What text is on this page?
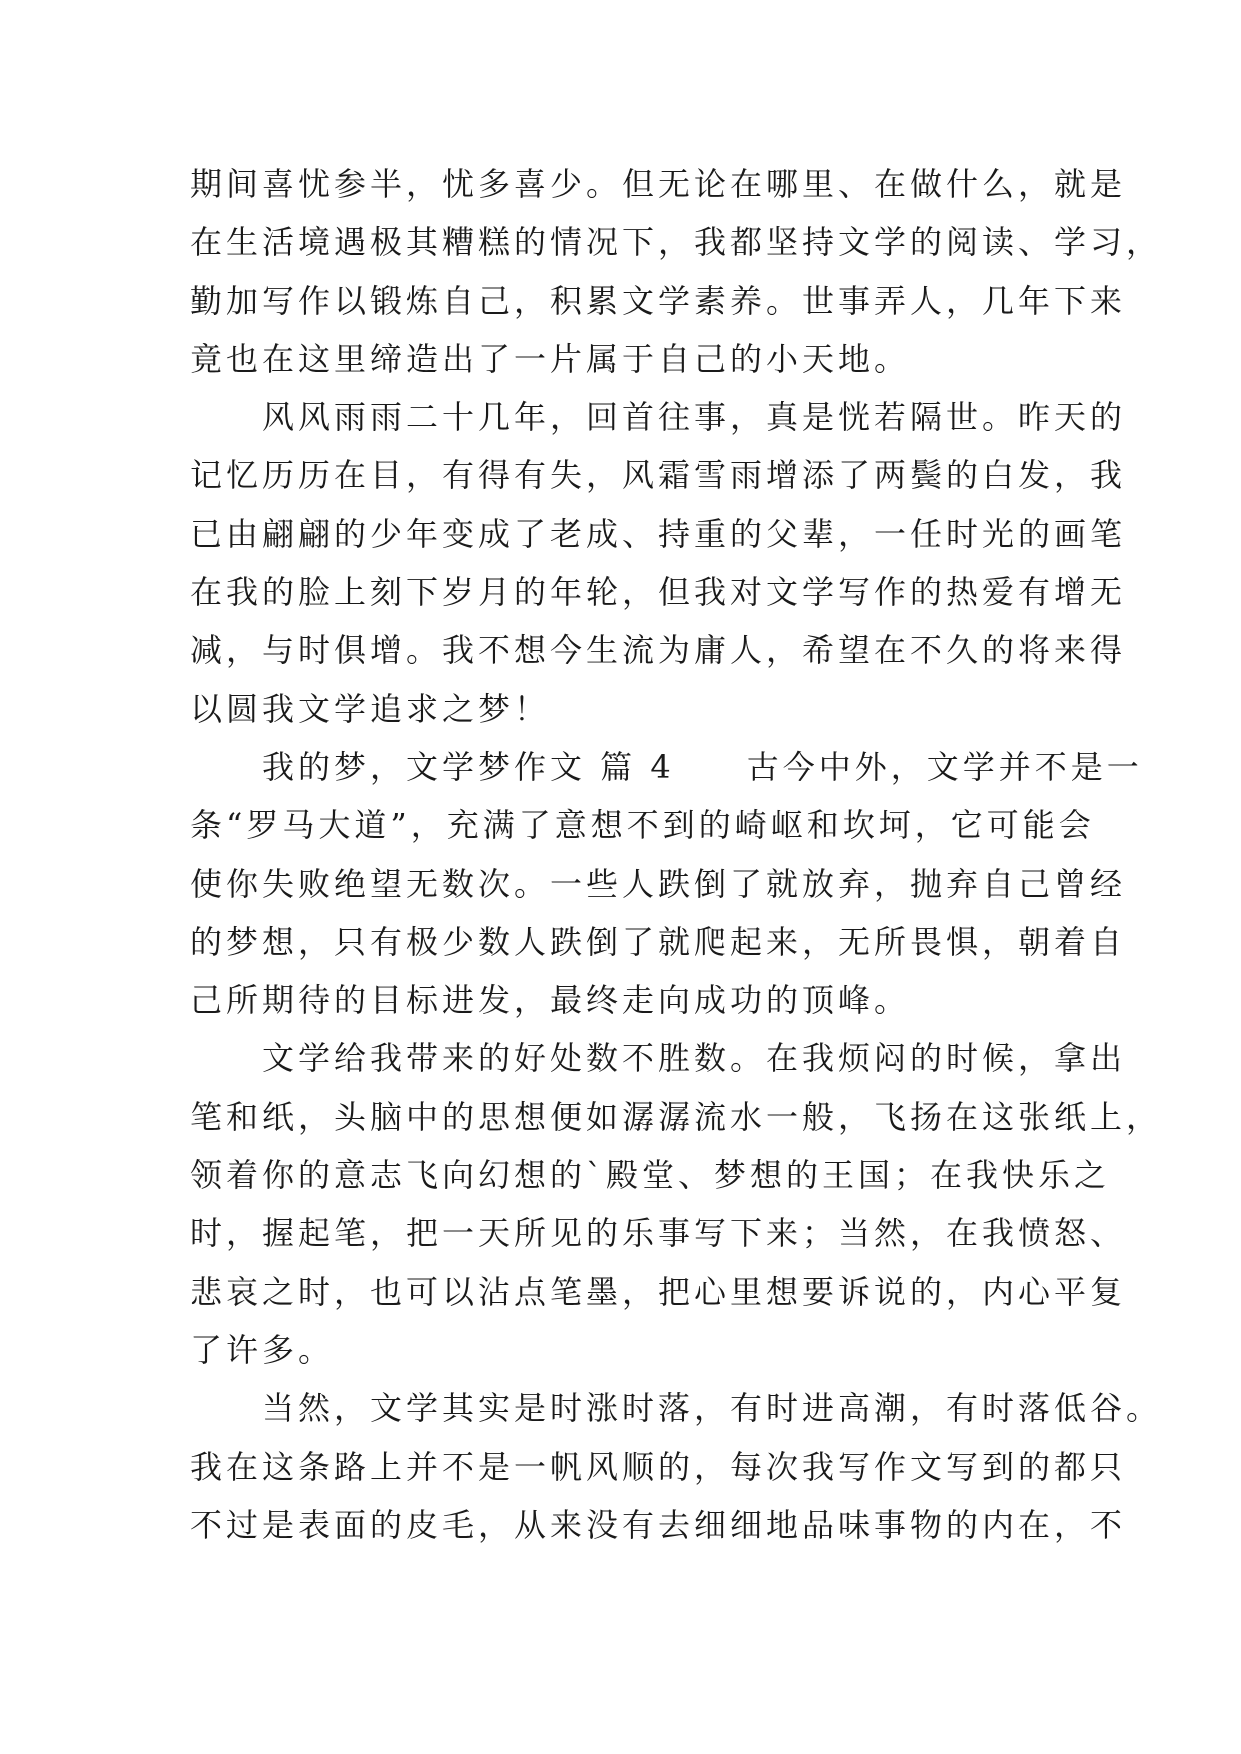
期间喜忧参半，忧多喜少。但无论在哪里、在做什么，就是
在生活境遇极其糟糕的情况下，我都坚持文学的阅读、学习，
勤加写作以锻炼自己，积累文学素养。世事弄人，几年下来
竟也在这里缔造出了一片属于自己的小天地。
　　风风雨雨二十几年，回首往事，真是恍若隔世。昨天的
记忆历历在目，有得有失，风霜雪雨增添了两鬓的白发，我
已由翩翩的少年变成了老成、持重的父辈，一任时光的画笔
在我的脸上刻下岁月的年轮，但我对文学写作的热爱有增无
减，与时俱增。我不想今生流为庸人，希望在不久的将来得
以圆我文学追求之梦！
　　我的梦，文学梦作文 篇 4　　古今中外，文学并不是一
条“罗马大道”，充满了意想不到的崎岖和坎坷，它可能会
使你失败绝望无数次。一些人跌倒了就放弃，抛弃自己曾经
的梦想，只有极少数人跌倒了就爬起来，无所畏惧，朝着自
己所期待的目标进发，最终走向成功的顶峰。
　　文学给我带来的好处数不胜数。在我烦闷的时候，拿出
笔和纸，头脑中的思想便如潺潺流水一般，飞扬在这张纸上，
领着你的意志飞向幻想的`殿堂、梦想的王国；在我快乐之
时，握起笔，把一天所见的乐事写下来；当然，在我愤怒、
悲哀之时，也可以沾点笔墨，把心里想要诉说的，内心平复
了许多。
　　当然，文学其实是时涨时落，有时进高潮，有时落低谷。
我在这条路上并不是一帆风顺的，每次我写作文写到的都只
不过是表面的皮毛，从来没有去细细地品味事物的内在，不
